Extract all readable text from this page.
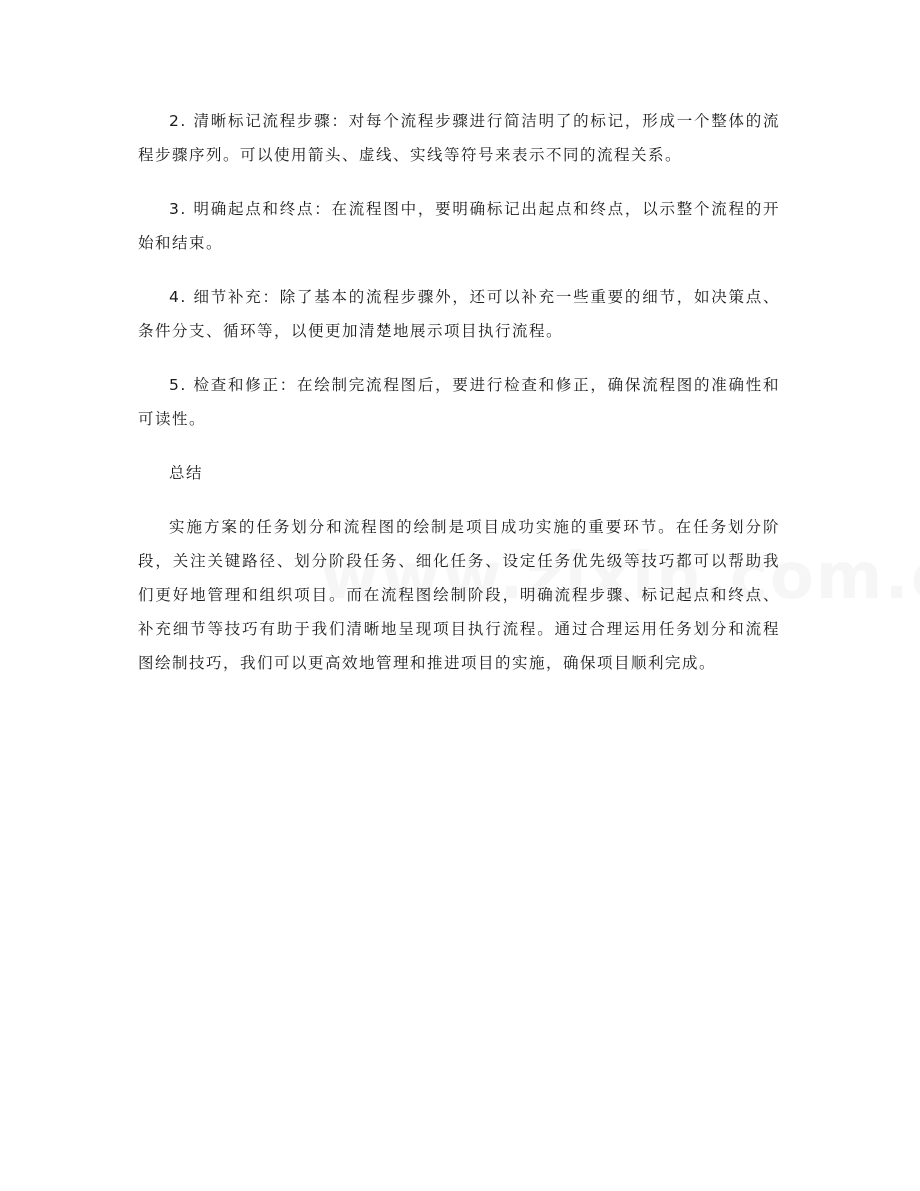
2. 清晰标记流程步骤：对每个流程步骤进行简洁明了的标记，形成一个整体的流程步骤序列。可以使用箭头、虚线、实线等符号来表示不同的流程关系。

3. 明确起点和终点：在流程图中，要明确标记出起点和终点，以示整个流程的开始和结束。

4. 细节补充：除了基本的流程步骤外，还可以补充一些重要的细节，如决策点、条件分支、循环等，以便更加清楚地展示项目执行流程。

5. 检查和修正：在绘制完流程图后，要进行检查和修正，确保流程图的准确性和可读性。

总结

实施方案的任务划分和流程图的绘制是项目成功实施的重要环节。在任务划分阶段，关注关键路径、划分阶段任务、细化任务、设定任务优先级等技巧都可以帮助我们更好地管理和组织项目。而在流程图绘制阶段，明确流程步骤、标记起点和终点、补充细节等技巧有助于我们清晰地呈现项目执行流程。通过合理运用任务划分和流程图绘制技巧，我们可以更高效地管理和推进项目的实施，确保项目顺利完成。
